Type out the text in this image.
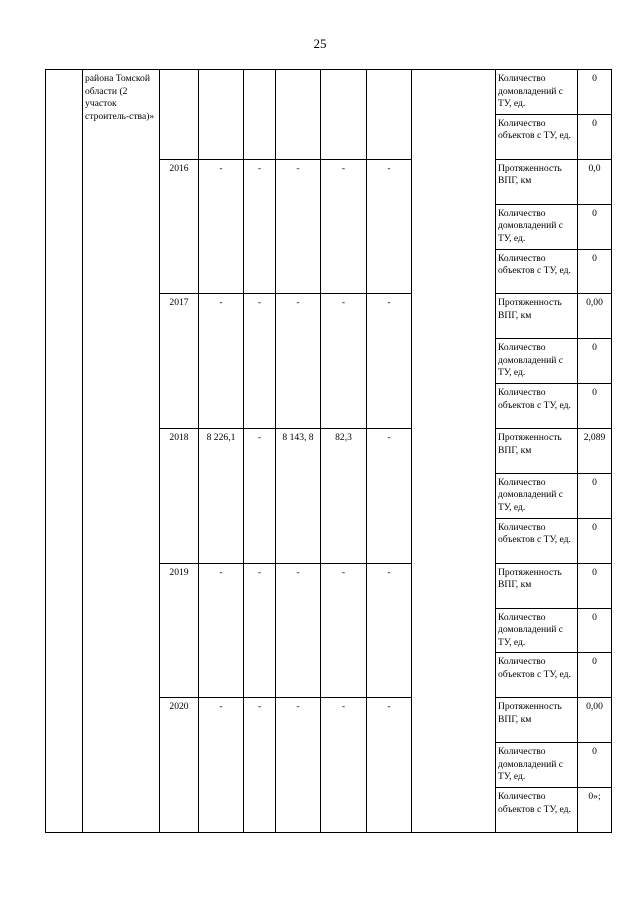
25
	района Томской области (2 участок строитель-ства)»								Количество домовладений с ТУ, ед.	0
									Количество объектов с ТУ, ед.	0
		2016	-	-	-	-	-		Протяженность ВПГ, км	0,0
									Количество домовладений с ТУ, ед.	0
									Количество объектов с ТУ, ед.	0
		2017	-	-	-	-	-		Протяженность ВПГ, км	0,00
									Количество домовладений с ТУ, ед.	0
									Количество объектов с ТУ, ед.	0
		2018	8 226,1	-	8 143, 8	82,3	-		Протяженность ВПГ, км	2,089
									Количество домовладений с ТУ, ед.	0
									Количество объектов с ТУ, ед.	0
		2019	-	-	-	-	-		Протяженность ВПГ, км	0
									Количество домовладений с ТУ, ед.	0
									Количество объектов с ТУ, ед.	0
		2020	-	-	-	-	-		Протяженность ВПГ, км	0,00
									Количество домовладений с ТУ, ед.	0
									Количество объектов с ТУ, ед.	0»;
